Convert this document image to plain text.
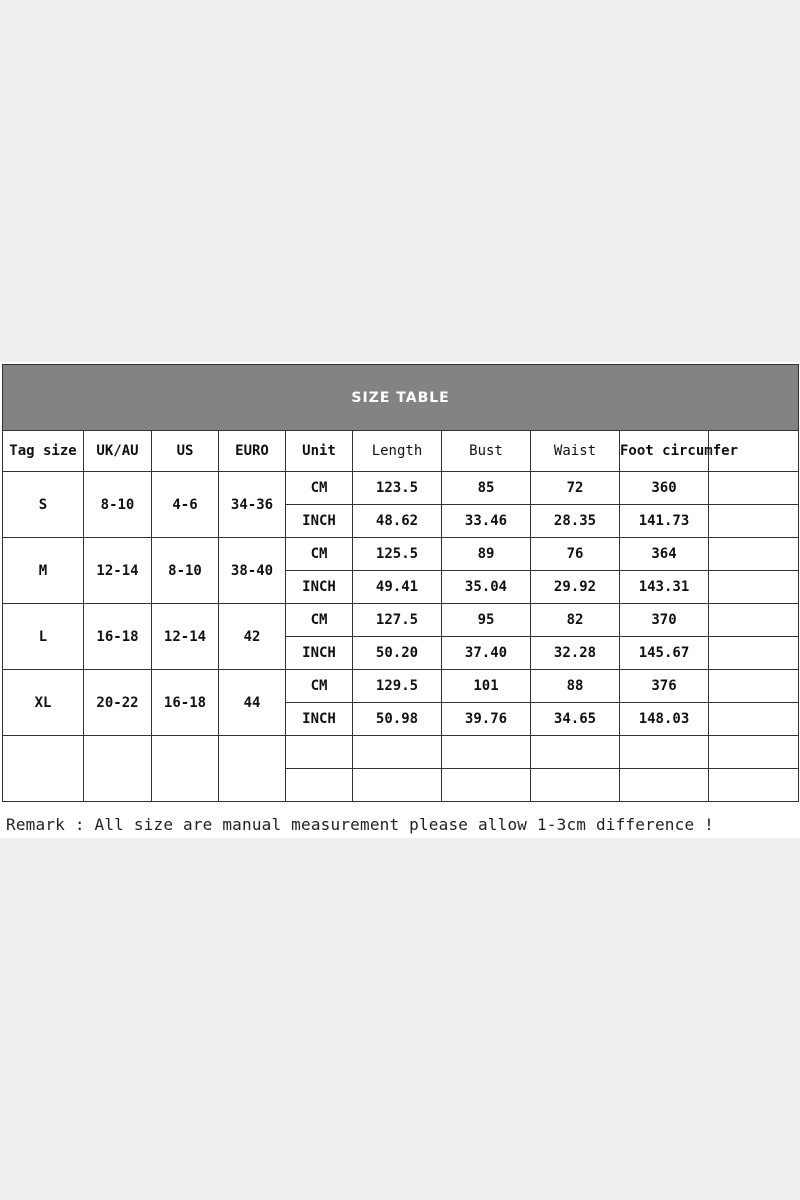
SIZE TABLE									
Tag size	UK/AU	US	EURO	Unit	Length	Bust	Waist	Foot circumfer	
S	8-10	4-6	34-36	CM	123.5	85	72	360	
				INCH	48.62	33.46	28.35	141.73	
M	12-14	8-10	38-40	CM	125.5	89	76	364	
				INCH	49.41	35.04	29.92	143.31	
L	16-18	12-14	42	CM	127.5	95	82	370	
				INCH	50.20	37.40	32.28	145.67	
XL	20-22	16-18	44	CM	129.5	101	88	376	
				INCH	50.98	39.76	34.65	148.03	

Remark : All size are manual measurement please allow 1-3cm difference !
